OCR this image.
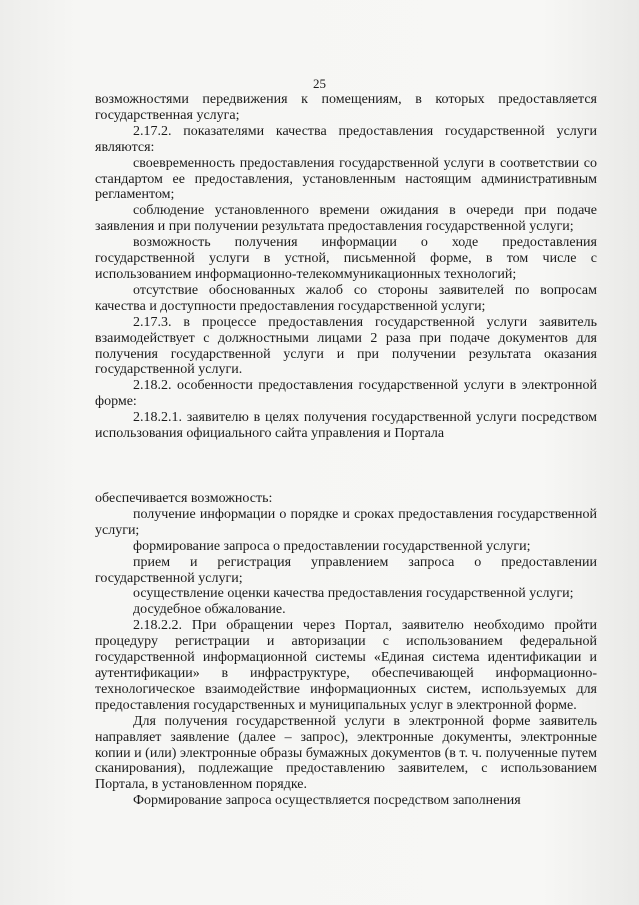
25

возможностями передвижения к помещениям, в которых предоставляется государственная услуга;

2.17.2. показателями качества предоставления государственной услуги являются:

своевременность предоставления государственной услуги в соответствии со стандартом ее предоставления, установленным настоящим административным регламентом;

соблюдение установленного времени ожидания в очереди при подаче заявления и при получении результата предоставления государственной услуги;

возможность получения информации о ходе предоставления государственной услуги в устной, письменной форме, в том числе с использованием информационно-телекоммуникационных технологий;

отсутствие обоснованных жалоб со стороны заявителей по вопросам качества и доступности предоставления государственной услуги;

2.17.3. в процессе предоставления государственной услуги заявитель взаимодействует с должностными лицами 2 раза при подаче документов для получения государственной услуги и при получении результата оказания государственной услуги.

2.18.2. особенности предоставления государственной услуги в электронной форме:

2.18.2.1. заявителю в целях получения государственной услуги посредством использования официального сайта управления и Портала

обеспечивается возможность:

получение информации о порядке и сроках предоставления государственной услуги;

формирование запроса о предоставлении государственной услуги;

прием и регистрация управлением запроса о предоставлении государственной услуги;

осуществление оценки качества предоставления государственной услуги;

досудебное обжалование.

2.18.2.2. При обращении через Портал, заявителю необходимо пройти процедуру регистрации и авторизации с использованием федеральной государственной информационной системы «Единая система идентификации и аутентификации» в инфраструктуре, обеспечивающей информационно-технологическое взаимодействие информационных систем, используемых для предоставления государственных и муниципальных услуг в электронной форме.

Для получения государственной услуги в электронной форме заявитель направляет заявление (далее – запрос), электронные документы, электронные копии и (или) электронные образы бумажных документов (в т. ч. полученные путем сканирования), подлежащие предоставлению заявителем, с использованием Портала, в установленном порядке.

Формирование запроса осуществляется посредством заполнения
